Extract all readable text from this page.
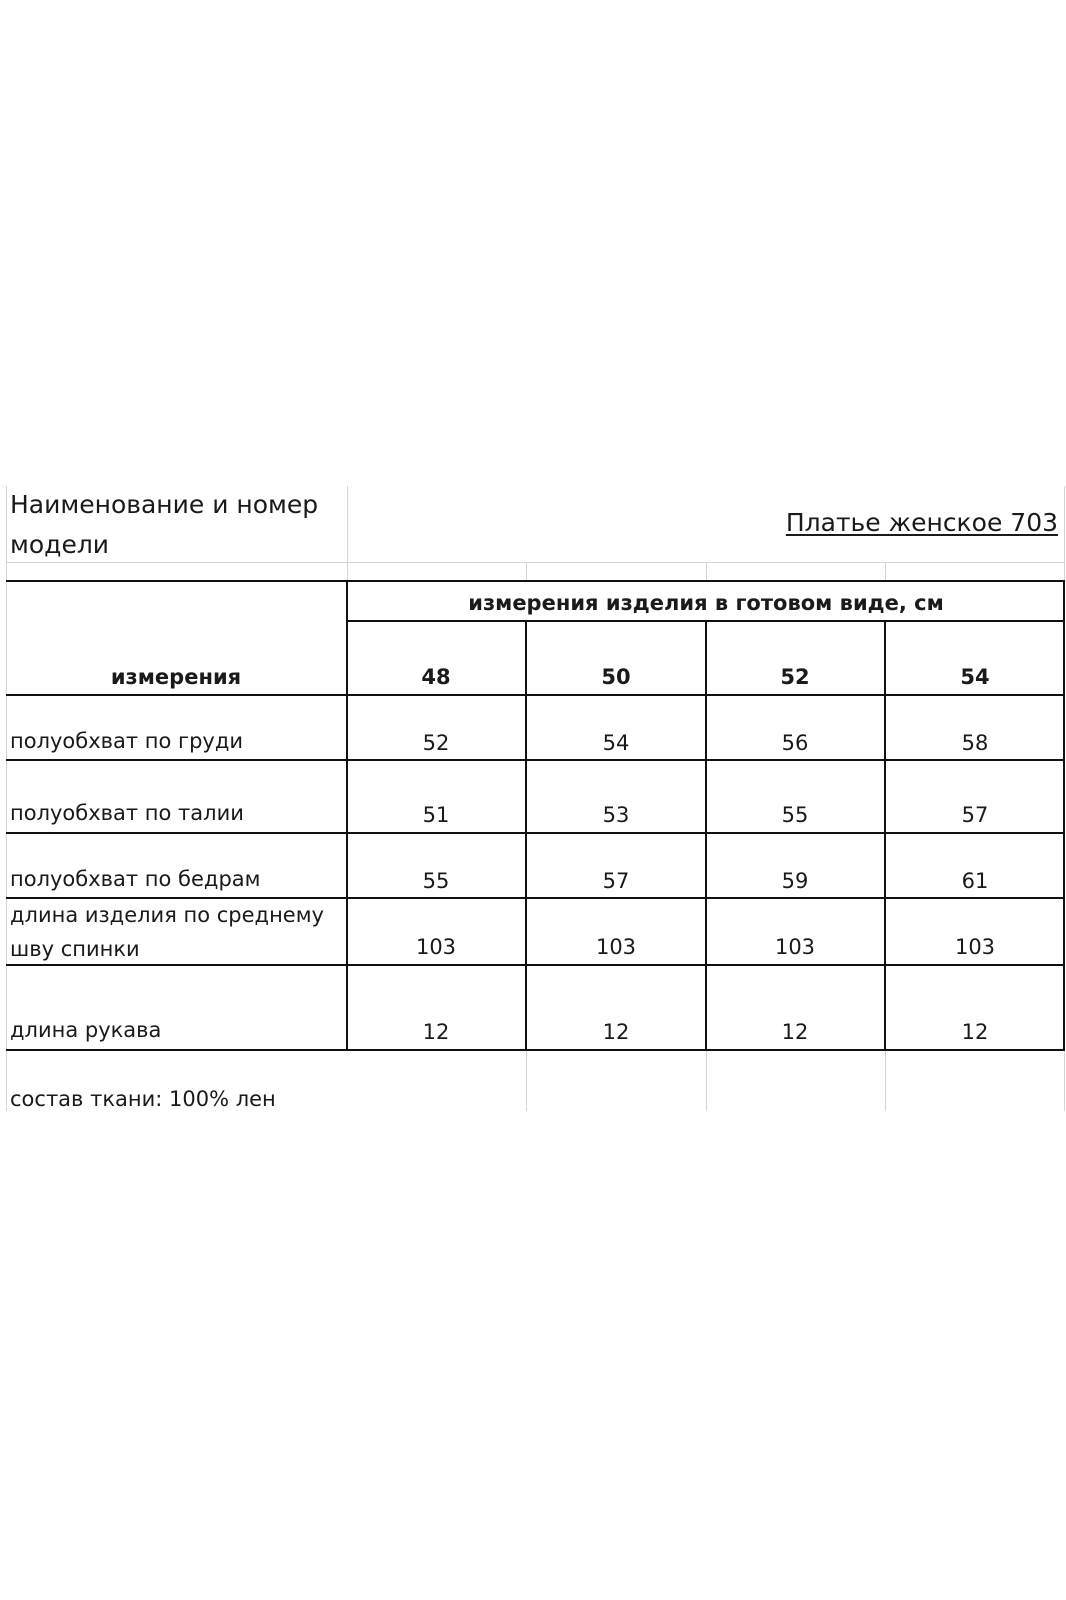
Наименование и номер модели
Платье женское 703
измерения изделия в готовом виде, см
измерения	48	50	52	54
полуобхват по груди	52	54	56	58
полуобхват по талии	51	53	55	57
полуобхват по бедрам	55	57	59	61
длина изделия по среднему шву спинки	103	103	103	103
длина рукава	12	12	12	12
состав ткани: 100% лен
